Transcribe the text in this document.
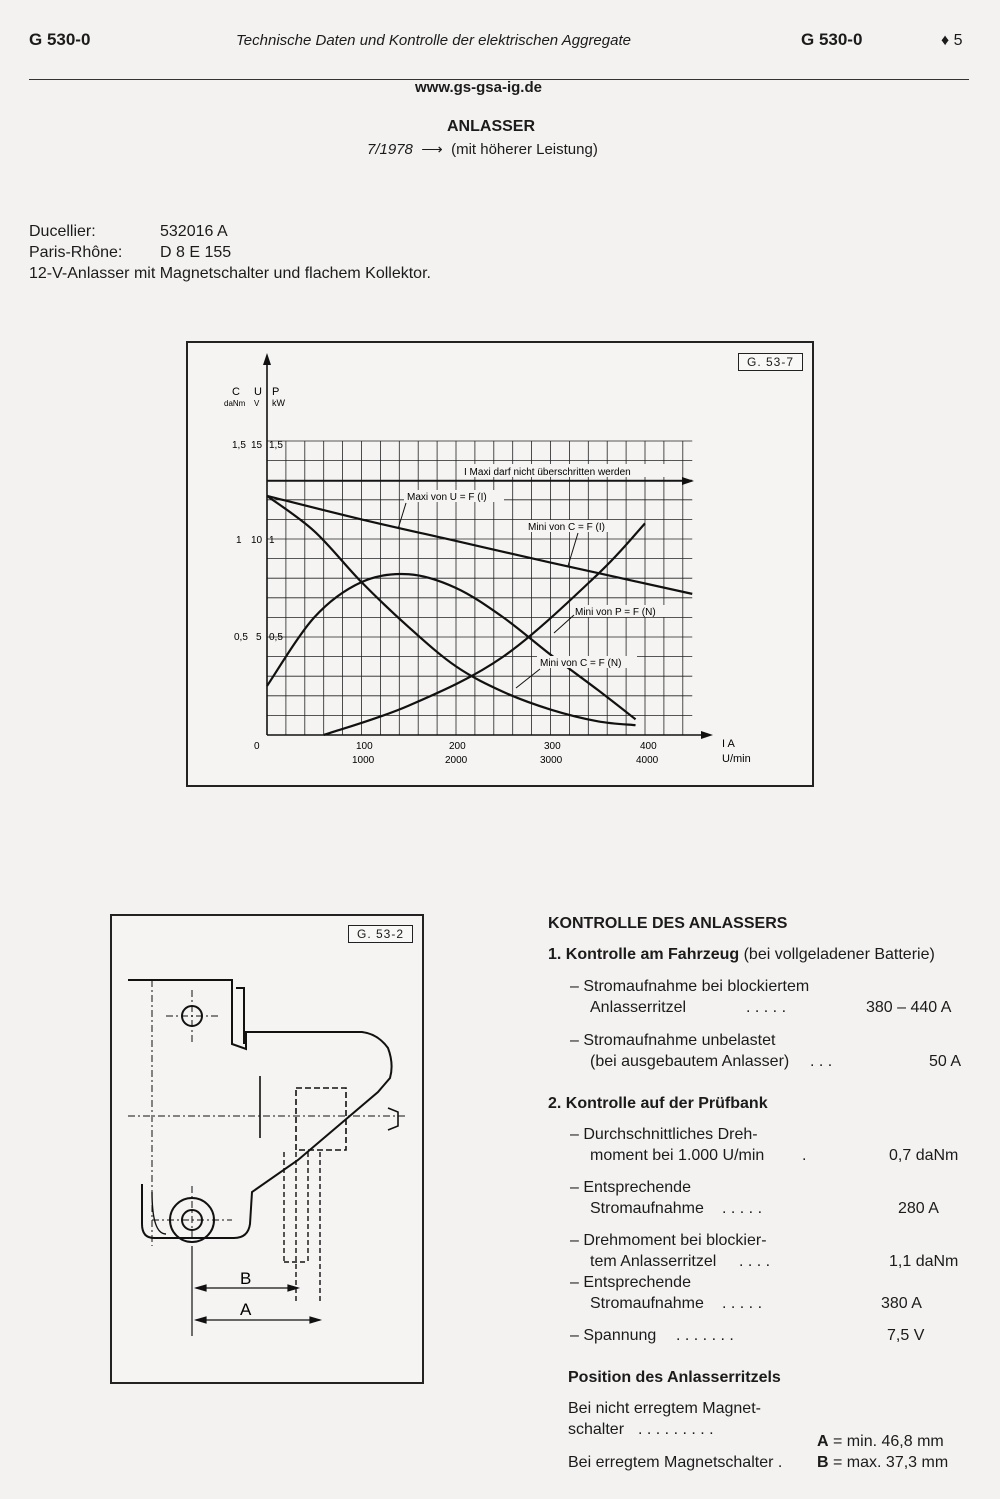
G 530-0	Technische Daten und Kontrolle der elektrischen Aggregate	G 530-0	♦ 5
www.gs-gsa-ig.de
ANLASSER
7/1978  ⟶  (mit höherer Leistung)
Ducellier:	532016 A
Paris-Rhône: D 8 E 155
12-V-Anlasser mit Magnetschalter und flachem Kollektor.
G. 53-7
C
daNm
U
V
P
kW
1,5 15 1,5
1 10 1
0,5 5 0,5
0	100
1000
200
2000
300
3000
400
4000
I A
U/min
I Maxi darf nicht überschritten werden
Maxi von U = F (I)
Mini von C = F (I)
Mini von P = F (N)
Mini von C = F (N)
G. 53-2
B
A
KONTROLLE DES ANLASSERS
1. Kontrolle am Fahrzeug (bei vollgeladener Batterie)
– Stromaufnahme bei blockiertem
Anlasserritzel	. . . . .	380 – 440 A
– Stromaufnahme unbelastet
(bei ausgebautem Anlasser) . . .	50 A
2. Kontrolle auf der Prüfbank
– Durchschnittliches Dreh-
moment bei 1.000 U/min .	0,7 daNm
– Entsprechende
Stromaufnahme . . . . .	280 A
– Drehmoment bei blockier-
tem Anlasserritzel . . . .	1,1 daNm
– Entsprechende
Stromaufnahme . . . . .	380 A
– Spannung . . . . . . .	7,5 V
Position des Anlasserritzels
Bei nicht erregtem Magnet-
schalter . . . . . . . . .
A = min. 46,8 mm
Bei erregtem Magnetschalter . B = max. 37,3 mm
